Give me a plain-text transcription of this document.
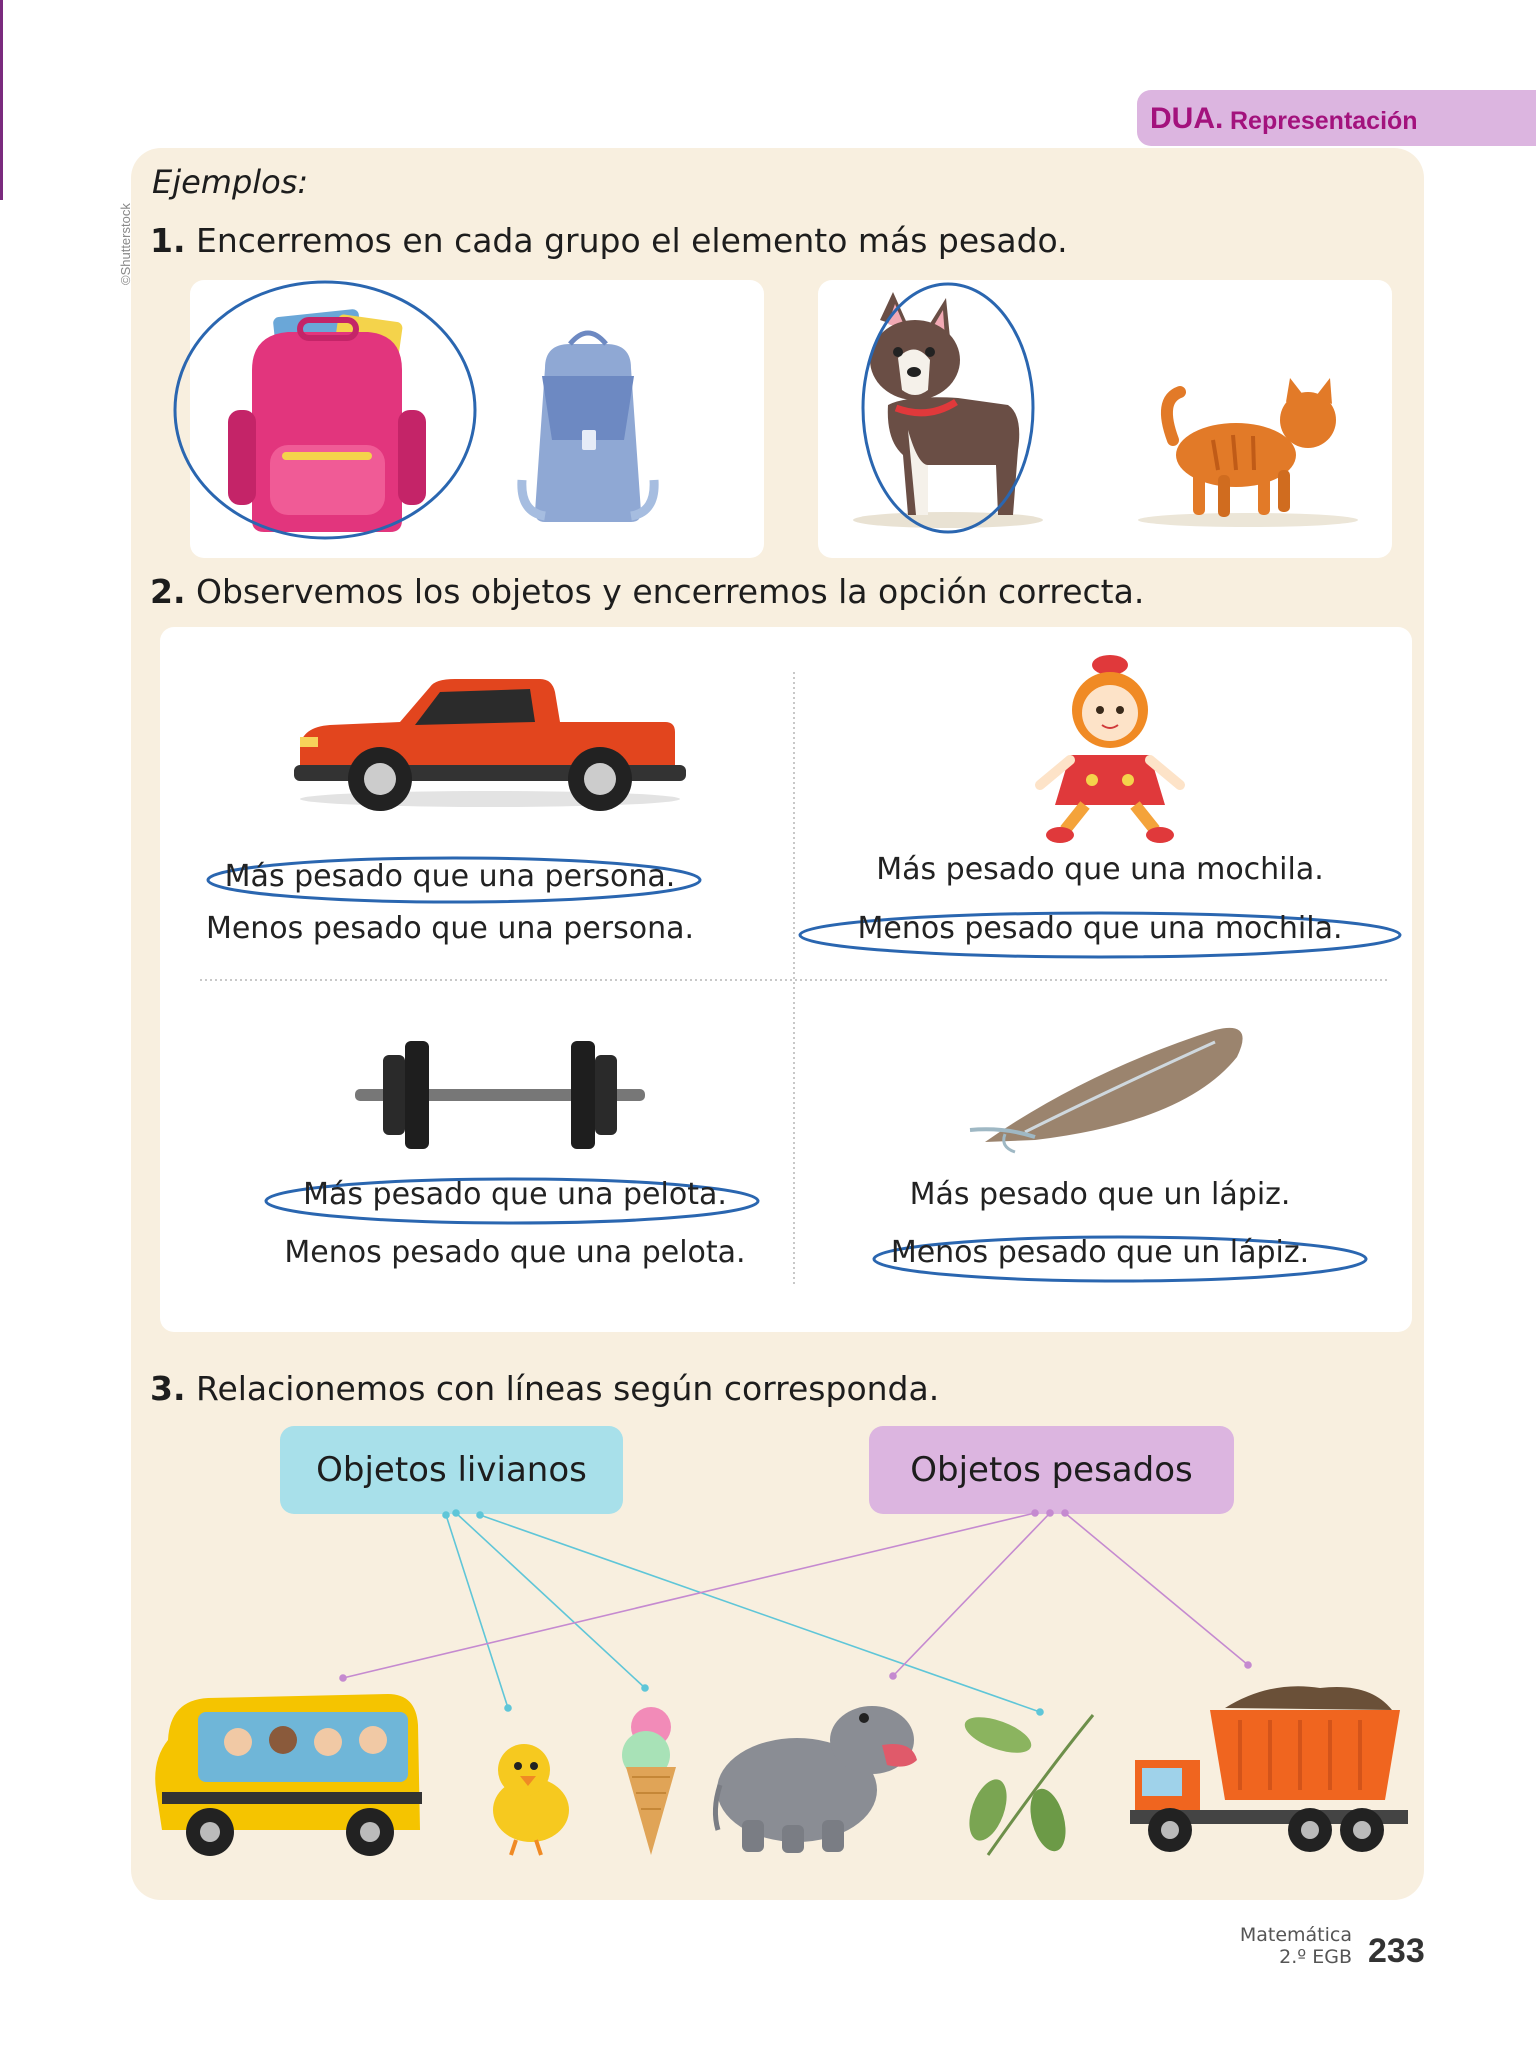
DUA. Representación
©Shutterstock
Ejemplos:
1. Encerremos en cada grupo el elemento más pesado.
2. Observemos los objetos y encerremos la opción correcta.
Más pesado que una persona.
Menos pesado que una persona.
Más pesado que una mochila.
Menos pesado que una mochila.
Más pesado que una pelota.
Menos pesado que una pelota.
Más pesado que un lápiz.
Menos pesado que un lápiz.
3. Relacionemos con líneas según corresponda.
Objetos livianos	Objetos pesados
Matemática
2.º EGB 233
